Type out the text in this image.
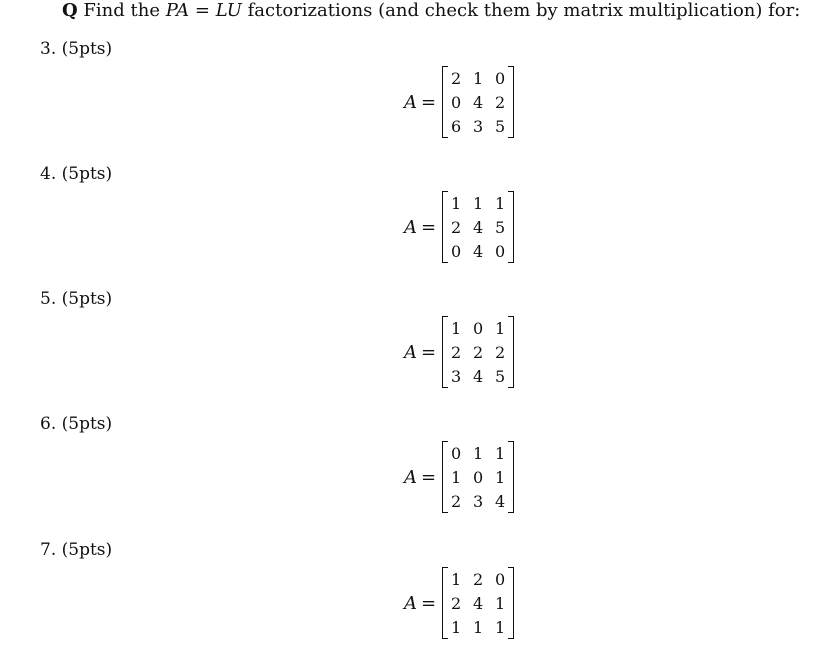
Q Find the PA = LU factorizations (and check them by matrix multiplication) for:
3. (5pts)
A =
2 1 0
0 4 2
6 3 5
4. (5pts)
A =
1 1 1
2 4 5
0 4 0
5. (5pts)
A =
1 0 1
2 2 2
3 4 5
6. (5pts)
A =
0 1 1
1 0 1
2 3 4
7. (5pts)
A =
1 2 0
2 4 1
1 1 1
